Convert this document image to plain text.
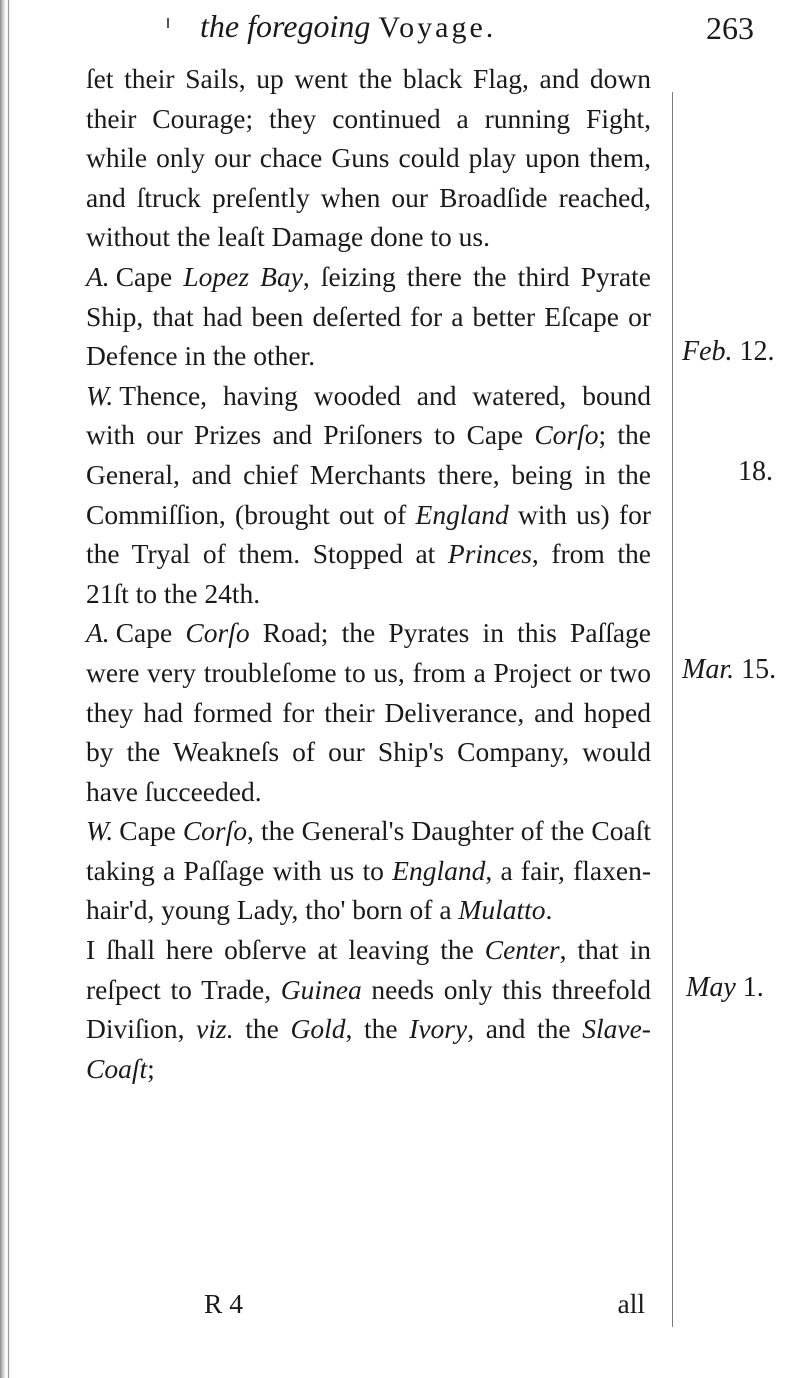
the foregoing Voyage.	263

ſet their Sails, up went the black Flag, and down their Courage; they continued a running Fight, while only our chace Guns could play upon them, and ſtruck preſently when our Broadſide reached, without the leaſt Damage done to us.

A. Cape Lopez Bay, ſeizing there the third Pyrate Ship, that had been deſerted for a better Eſcape or Defence in the other.

W. Thence, having wooded and watered, bound with our Prizes and Priſoners to Cape Corſo; the General, and chief Merchants there, being in the Commiſſion, (brought out of England with us) for the Tryal of them. Stopped at Princes, from the 21ſt to the 24th.

A. Cape Corſo Road; the Pyrates in this Paſſage were very troubleſome to us, from a Project or two they had formed for their Deliverance, and hoped by the Weakneſs of our Ship's Company, would have ſucceeded.

W. Cape Corſo, the General's Daughter of the Coaſt taking a Paſſage with us to England, a fair, flaxen-hair'd, young Lady, tho' born of a Mulatto.

I ſhall here obſerve at leaving the Center, that in reſpect to Trade, Guinea needs only this threefold Diviſion, viz. the Gold, the Ivory, and the Slave-Coaſt;

Feb. 12.
18.
Mar. 15.
May 1.
R 4	all
